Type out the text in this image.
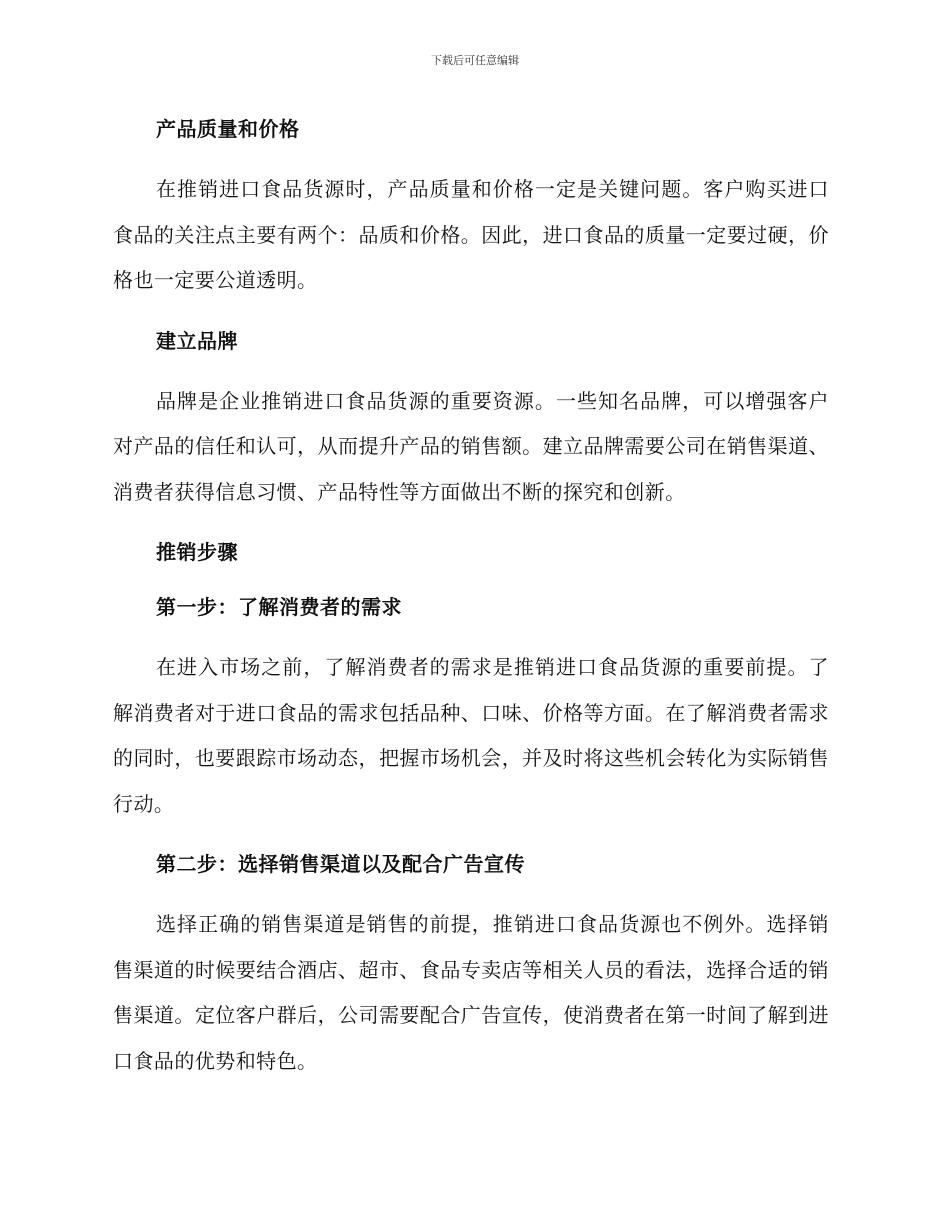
下载后可任意编辑
产品质量和价格

在推销进口食品货源时，产品质量和价格一定是关键问题。客户购买进口食品的关注点主要有两个：品质和价格。因此，进口食品的质量一定要过硬，价格也一定要公道透明。

建立品牌

品牌是企业推销进口食品货源的重要资源。一些知名品牌，可以增强客户对产品的信任和认可，从而提升产品的销售额。建立品牌需要公司在销售渠道、消费者获得信息习惯、产品特性等方面做出不断的探究和创新。

推销步骤
第一步：了解消费者的需求

在进入市场之前，了解消费者的需求是推销进口食品货源的重要前提。了解消费者对于进口食品的需求包括品种、口味、价格等方面。在了解消费者需求的同时，也要跟踪市场动态，把握市场机会，并及时将这些机会转化为实际销售行动。

第二步：选择销售渠道以及配合广告宣传

选择正确的销售渠道是销售的前提，推销进口食品货源也不例外。选择销售渠道的时候要结合酒店、超市、食品专卖店等相关人员的看法，选择合适的销售渠道。定位客户群后，公司需要配合广告宣传，使消费者在第一时间了解到进口食品的优势和特色。
